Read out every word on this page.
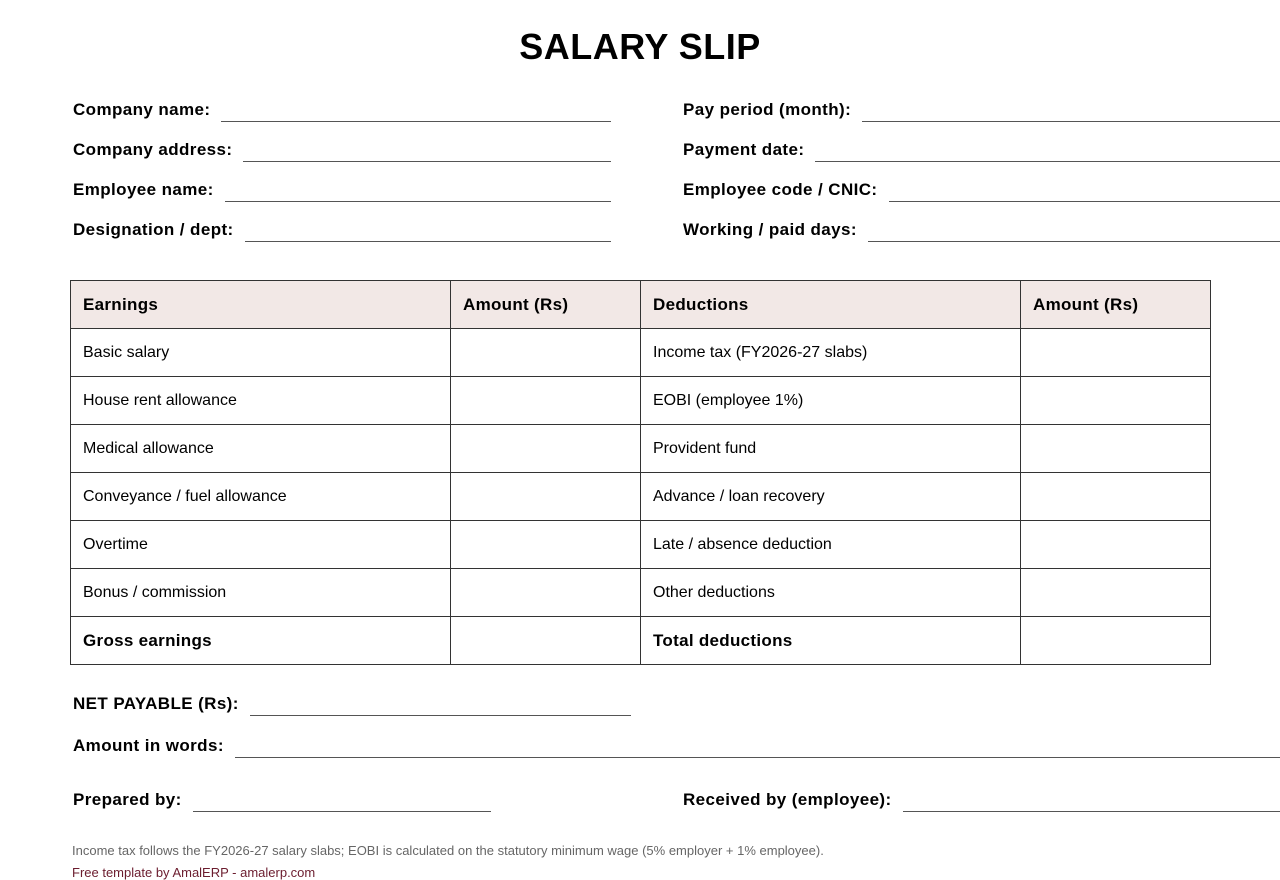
SALARY SLIP
Company name:
Company address:
Employee name:
Designation / dept:
Pay period (month):
Payment date:
Employee code / CNIC:
Working / paid days:
Earnings	Amount (Rs)	Deductions	Amount (Rs)
Basic salary		Income tax (FY2026-27 slabs)	
House rent allowance		EOBI (employee 1%)	
Medical allowance		Provident fund	
Conveyance / fuel allowance		Advance / loan recovery	
Overtime		Late / absence deduction	
Bonus / commission		Other deductions	
Gross earnings		Total deductions	
NET PAYABLE (Rs):
Amount in words:
Prepared by:	Received by (employee):
Income tax follows the FY2026-27 salary slabs; EOBI is calculated on the statutory minimum wage (5% employer + 1% employee).
Free template by AmalERP - amalerp.com
